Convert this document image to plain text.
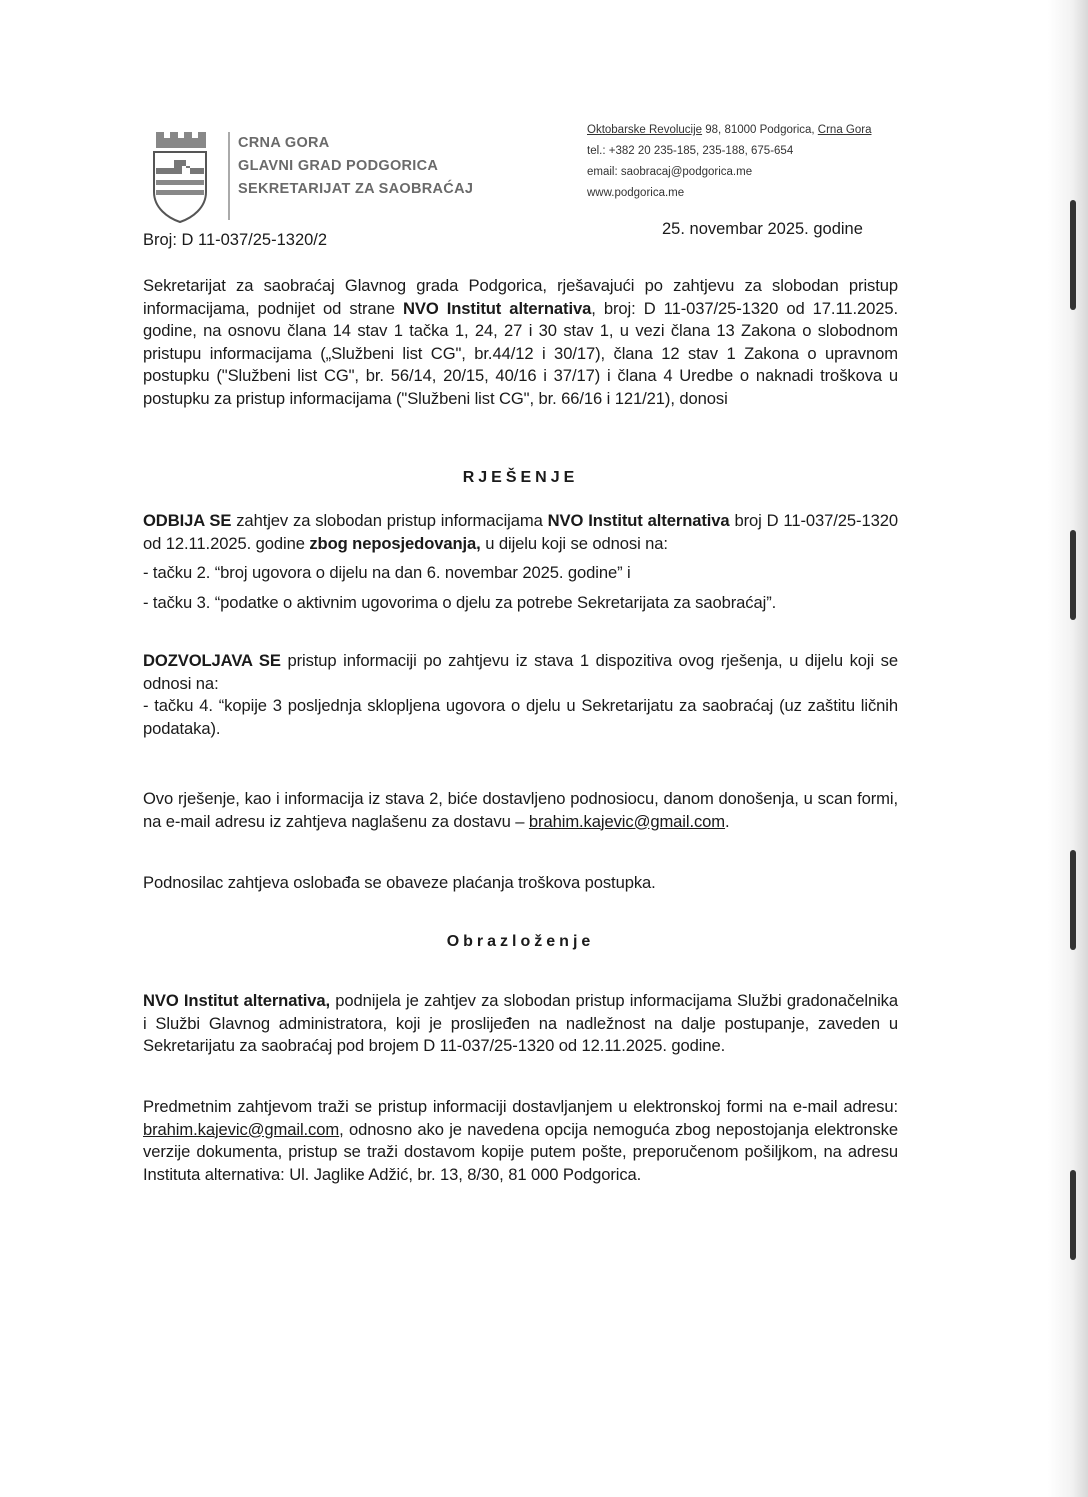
CRNA GORA
GLAVNI GRAD PODGORICA
SEKRETARIJAT ZA SAOBRAĆAJ
Oktobarske Revolucije 98, 81000 Podgorica, Crna Gora
tel.: +382 20 235-185, 235-188, 675-654
email: saobracaj@podgorica.me
www.podgorica.me
Broj: D 11-037/25-1320/2
25. novembar 2025. godine

Sekretarijat za saobraćaj Glavnog grada Podgorica, rješavajući po zahtjevu za slobodan pristup informacijama, podnijet od strane NVO Institut alternativa, broj: D 11-037/25-1320 od 17.11.2025. godine, na osnovu člana 14 stav 1 tačka 1, 24, 27 i 30 stav 1, u vezi člana 13 Zakona o slobodnom pristupu informacijama („Službeni list CG", br.44/12 i 30/17), člana 12 stav 1 Zakona o upravnom postupku ("Službeni list CG", br. 56/14, 20/15, 40/16 i 37/17) i člana 4 Uredbe o naknadi troškova u postupku za pristup informacijama ("Službeni list CG", br. 66/16 i 121/21), donosi

RJEŠENJE

ODBIJA SE zahtjev za slobodan pristup informacijama NVO Institut alternativa broj D 11-037/25-1320 od 12.11.2025. godine zbog neposjedovanja, u dijelu koji se odnosi na:

- tačku 2. “broj ugovora o dijelu na dan 6. novembar 2025. godine” i

- tačku 3. “podatke o aktivnim ugovorima o djelu za potrebe Sekretarijata za saobraćaj”.

DOZVOLJAVA SE pristup informaciji po zahtjevu iz stava 1 dispozitiva ovog rješenja, u dijelu koji se odnosi na:

- tačku 4. “kopije 3 posljednja sklopljena ugovora o djelu u Sekretarijatu za saobraćaj (uz zaštitu ličnih podataka).

Ovo rješenje, kao i informacija iz stava 2, biće dostavljeno podnosiocu, danom donošenja, u scan formi, na e-mail adresu iz zahtjeva naglašenu za dostavu – brahim.kajevic@gmail.com.

Podnosilac zahtjeva oslobađa se obaveze plaćanja troškova postupka.
Obrazloženje

NVO Institut alternativa, podnijela je zahtjev za slobodan pristup informacijama Službi gradonačelnika i Službi Glavnog administratora, koji je proslijeđen na nadležnost na dalje postupanje, zaveden u Sekretarijatu za saobraćaj pod brojem D 11-037/25-1320 od 12.11.2025. godine.

Predmetnim zahtjevom traži se pristup informaciji dostavljanjem u elektronskoj formi na e-mail adresu: brahim.kajevic@gmail.com, odnosno ako je navedena opcija nemoguća zbog nepostojanja elektronske verzije dokumenta, pristup se traži dostavom kopije putem pošte, preporučenom pošiljkom, na adresu Instituta alternativa: Ul. Jaglike Adžić, br. 13, 8/30, 81 000 Podgorica.
